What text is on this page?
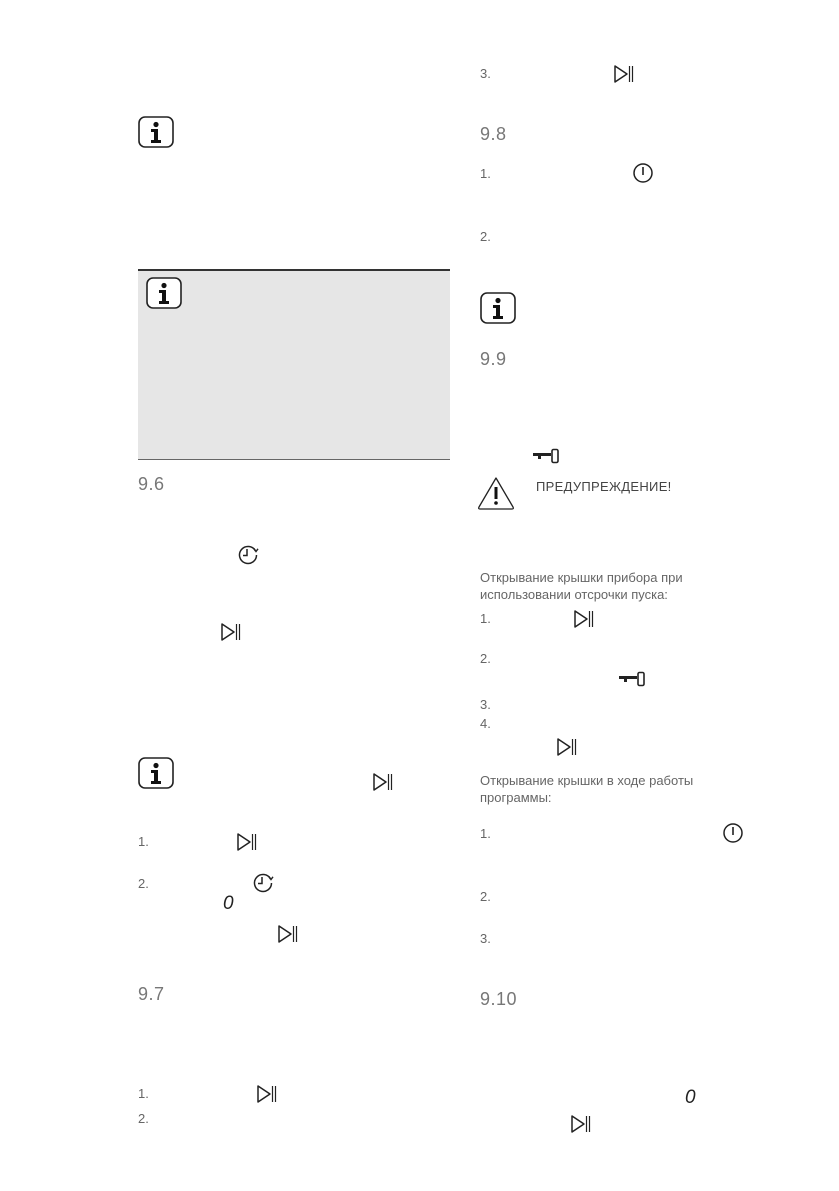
9.6
1.
2.
0
9.7
1.
2.
3.
9.8
1.
2.
9.9
ПРЕДУПРЕЖДЕНИЕ!
Открывание крышки прибора при
использовании отсрочки пуска:
1.
2.
3.
4.
Открывание крышки в ходе работы
программы:
1.
2.
3.
9.10
0
